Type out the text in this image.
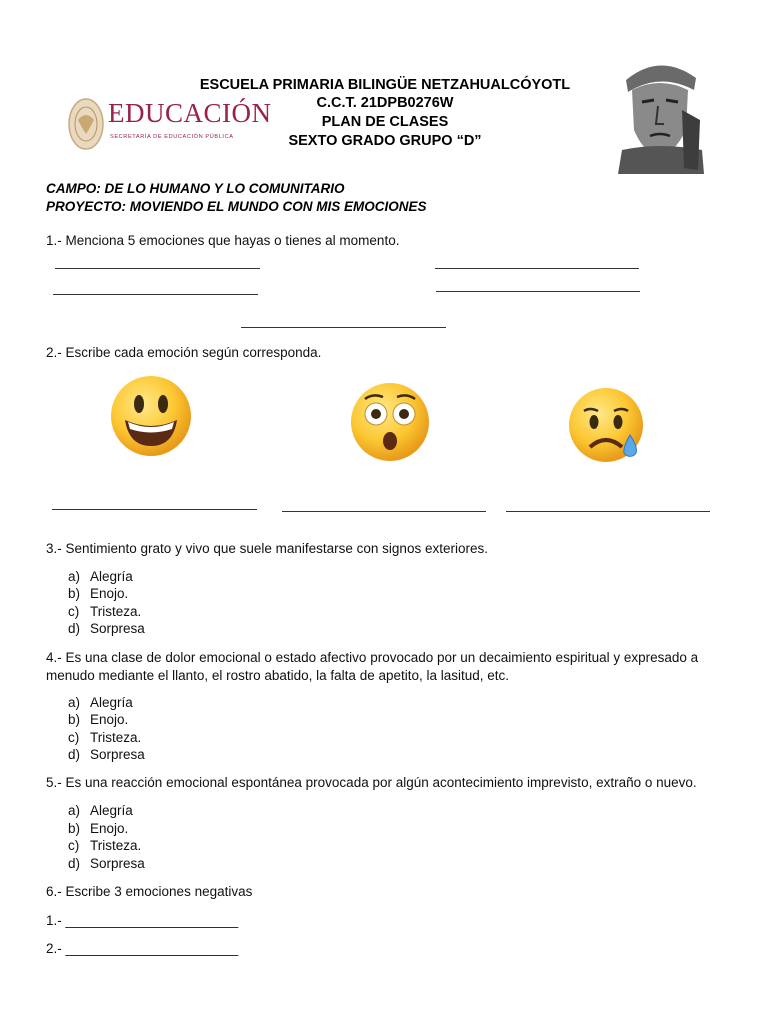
ESCUELA PRIMARIA BILINGÜE NETZAHUALCÓYOTL
C.C.T. 21DPB0276W
PLAN DE CLASES
SEXTO GRADO GRUPO “D”
EDUCACIÓN
SECRETARÍA DE EDUCACIÓN PÚBLICA
CAMPO: DE LO HUMANO Y LO COMUNITARIO
PROYECTO: MOVIENDO EL MUNDO CON MIS EMOCIONES
1.- Menciona 5 emociones que hayas o tienes al momento.
2.- Escribe cada emoción según corresponda.
3.- Sentimiento grato y vivo que suele manifestarse con signos exteriores.
a) Alegría
b) Enojo.
c) Tristeza.
d) Sorpresa
4.- Es una clase de dolor emocional o estado afectivo provocado por un decaimiento espiritual y expresado a menudo mediante el llanto, el rostro abatido, la falta de apetito, la lasitud, etc.
a) Alegría
b) Enojo.
c) Tristeza.
d) Sorpresa
5.- Es una reacción emocional espontánea provocada por algún acontecimiento imprevisto, extraño o nuevo.
a) Alegría
b) Enojo.
c) Tristeza.
d) Sorpresa
6.- Escribe 3 emociones negativas
1.- _______________________
2.- _______________________
